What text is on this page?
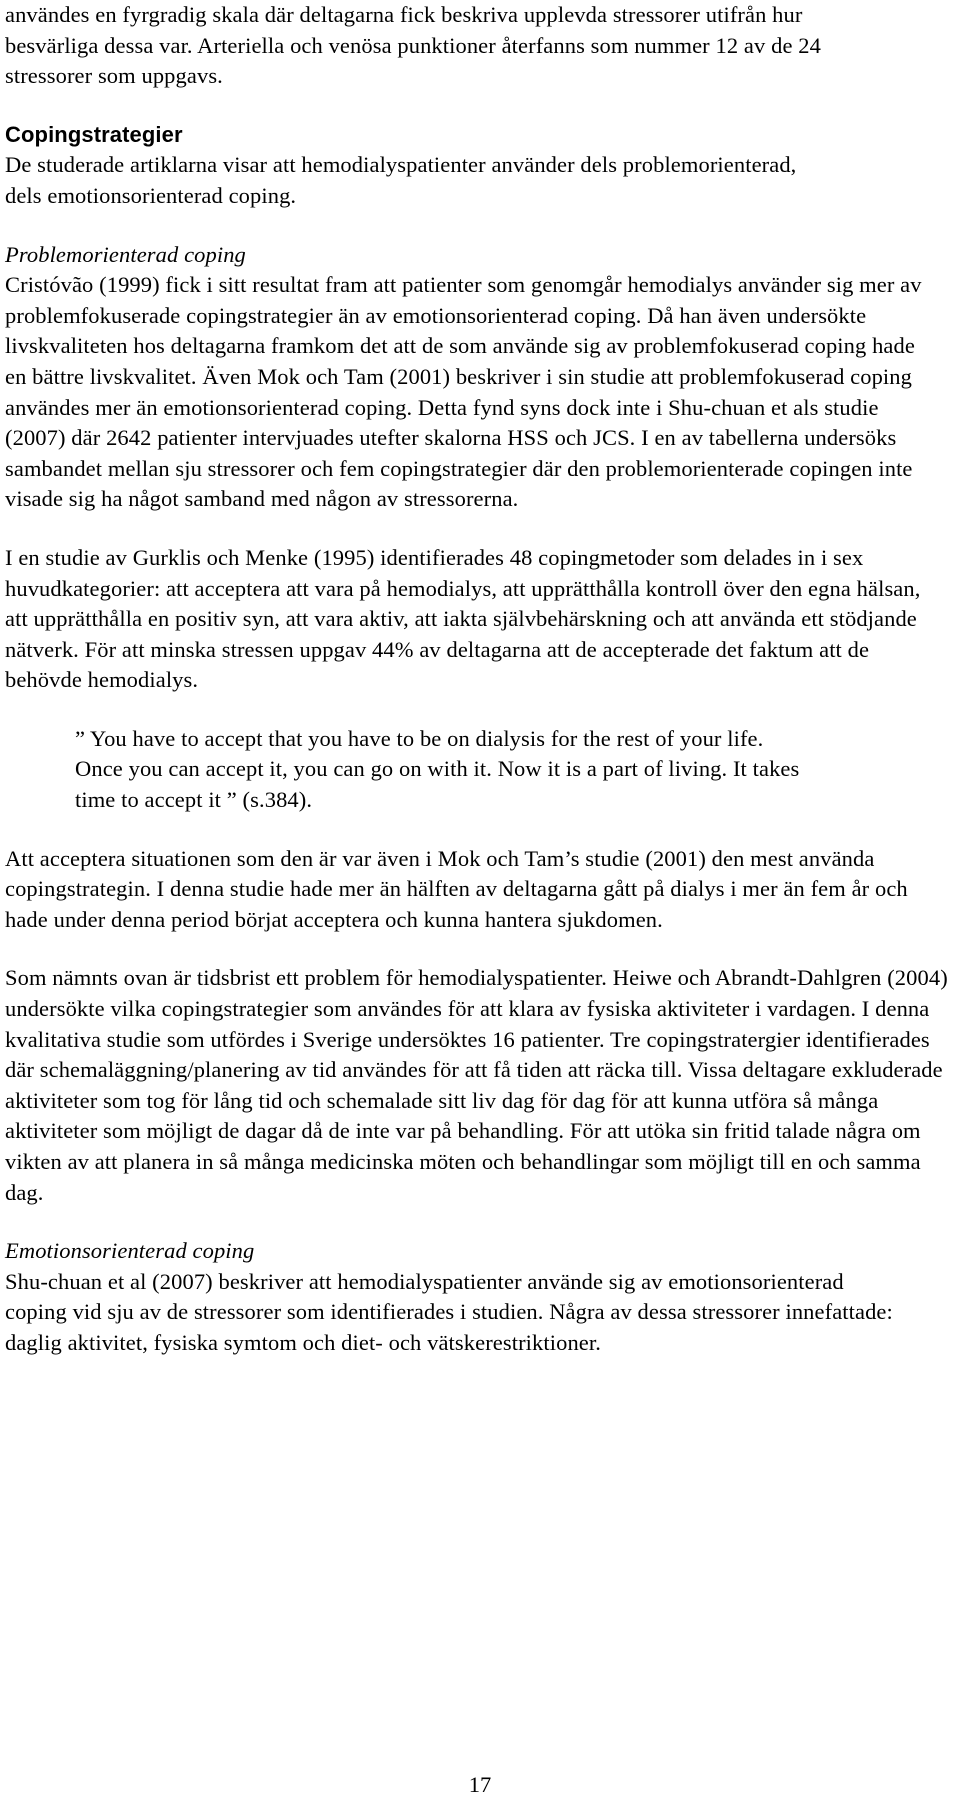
användes en fyrgradig skala där deltagarna fick beskriva upplevda stressorer utifrån hur besvärliga dessa var. Arteriella och venösa punktioner återfanns som nummer 12 av de 24 stressorer som uppgavs.

Copingstrategier

De studerade artiklarna visar att hemodialyspatienter använder dels problemorienterad, dels emotionsorienterad coping.

Problemorienterad coping

Cristóvão (1999) fick i sitt resultat fram att patienter som genomgår hemodialys använder sig mer av problemfokuserade copingstrategier än av emotionsorienterad coping. Då han även undersökte livskvaliteten hos deltagarna framkom det att de som använde sig av problemfokuserad coping hade en bättre livskvalitet. Även Mok och Tam (2001) beskriver i sin studie att problemfokuserad coping användes mer än emotionsorienterad coping. Detta fynd syns dock inte i Shu-chuan et als studie (2007) där 2642 patienter intervjuades utefter skalorna HSS och JCS. I en av tabellerna undersöks sambandet mellan sju stressorer och fem copingstrategier där den problemorienterade copingen inte visade sig ha något samband med någon av stressorerna.

I en studie av Gurklis och Menke (1995) identifierades 48 copingmetoder som delades in i sex huvudkategorier: att acceptera att vara på hemodialys, att upprätthålla kontroll över den egna hälsan, att upprätthålla en positiv syn, att vara aktiv, att iakta självbehärskning och att använda ett stödjande nätverk. För att minska stressen uppgav 44% av deltagarna att de accepterade det faktum att de behövde hemodialys.

” You have to accept that you have to be on dialysis for the rest of your life. Once you can accept it, you can go on with it. Now it is a part of living. It takes time to accept it ” (s.384).

Att acceptera situationen som den är var även i Mok och Tam’s studie (2001) den mest använda copingstrategin. I denna studie hade mer än hälften av deltagarna gått på dialys i mer än fem år och hade under denna period börjat acceptera och kunna hantera sjukdomen.

Som nämnts ovan är tidsbrist ett problem för hemodialyspatienter. Heiwe och Abrandt-Dahlgren (2004) undersökte vilka copingstrategier som användes för att klara av fysiska aktiviteter i vardagen. I denna kvalitativa studie som utfördes i Sverige undersöktes 16 patienter. Tre copingstratergier identifierades där schemaläggning/planering av tid användes för att få tiden att räcka till. Vissa deltagare exkluderade aktiviteter som tog för lång tid och schemalade sitt liv dag för dag för att kunna utföra så många aktiviteter som möjligt de dagar då de inte var på behandling. För att utöka sin fritid talade några om vikten av att planera in så många medicinska möten och behandlingar som möjligt till en och samma dag.

Emotionsorienterad coping

Shu-chuan et al (2007) beskriver att hemodialyspatienter använde sig av emotionsorienterad coping vid sju av de stressorer som identifierades i studien. Några av dessa stressorer innefattade: daglig aktivitet, fysiska symtom och diet- och vätskerestriktioner.

17
